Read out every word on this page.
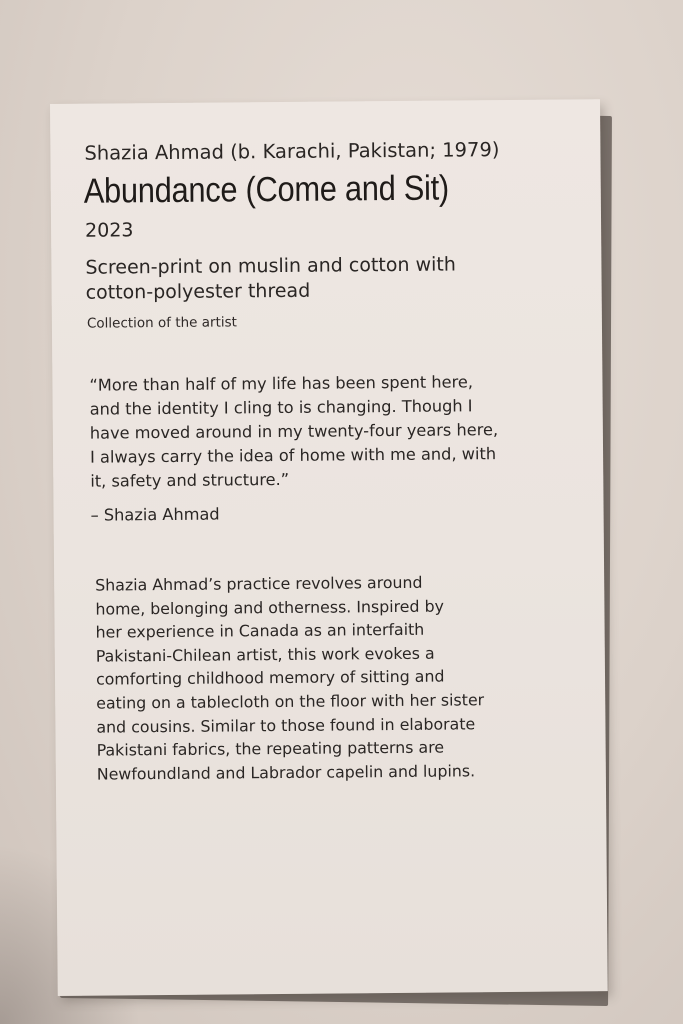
Shazia Ahmad (b. Karachi, Pakistan; 1979)
Abundance (Come and Sit)
2023
Screen-print on muslin and cotton with cotton-polyester thread
Collection of the artist
“More than half of my life has been spent here,
and the identity I cling to is changing. Though I
have moved around in my twenty-four years here,
I always carry the idea of home with me and, with
it, safety and structure.”
– Shazia Ahmad
Shazia Ahmad’s practice revolves around
home, belonging and otherness. Inspired by
her experience in Canada as an interfaith
Pakistani-Chilean artist, this work evokes a
comforting childhood memory of sitting and
eating on a tablecloth on the floor with her sister
and cousins. Similar to those found in elaborate
Pakistani fabrics, the repeating patterns are
Newfoundland and Labrador capelin and lupins.
